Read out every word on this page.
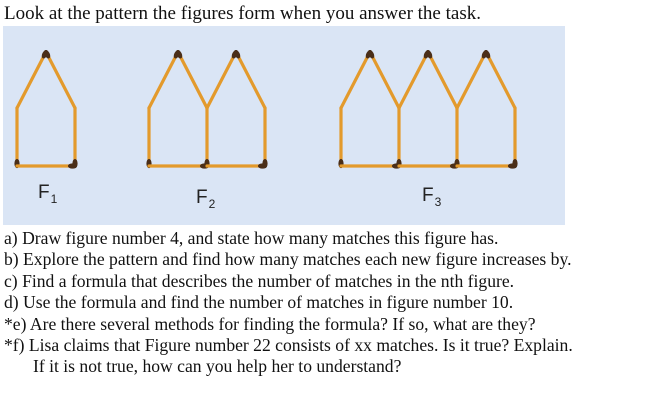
Look at the pattern the figures form when you answer the task.
$F_1$	$F_2$	$F_3$
a) Draw figure number 4, and state how many matches this figure has.
b) Explore the pattern and find how many matches each new figure increases by.
c) Find a formula that describes the number of matches in the nth figure.
d) Use the formula and find the number of matches in figure number 10.
*e) Are there several methods for finding the formula? If so, what are they?
*f) Lisa claims that Figure number 22 consists of xx matches. Is it true? Explain.
If it is not true, how can you help her to understand?
